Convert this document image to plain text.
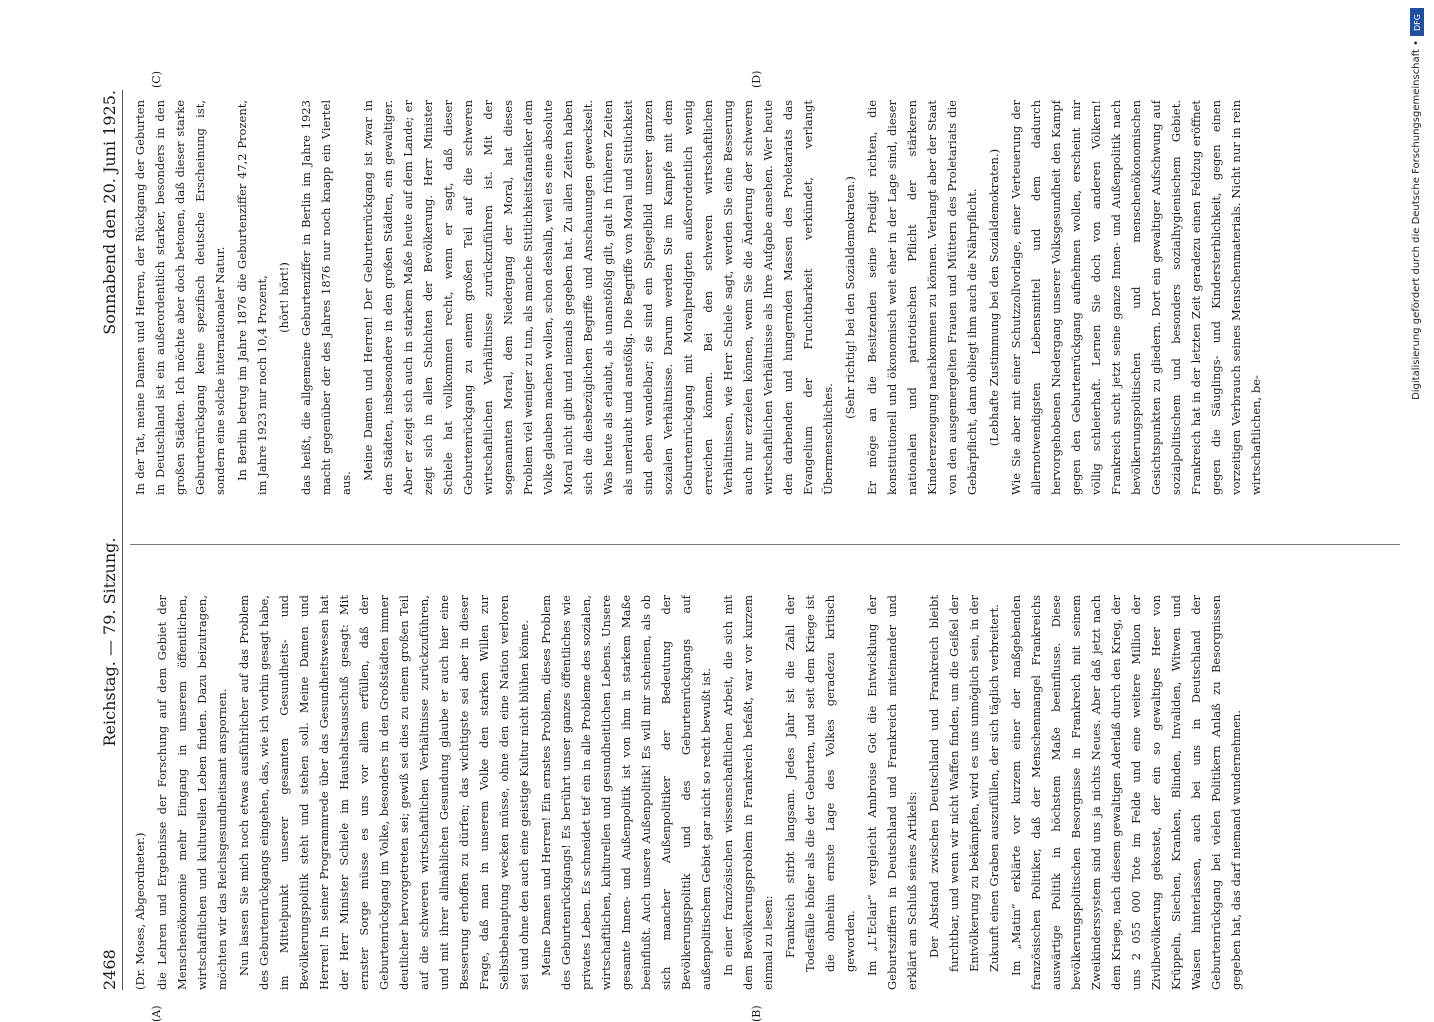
2468
Reichstag. — 79. Sitzung.
Sonnabend den 20. Juni 1925.
(A)	(B)
(C)	(D)

(Dr. Moses, Abgeordneter.) die Lehren und Ergebnisse der Forschung auf dem Gebiet der Menschenökonomie mehr Eingang in unserem öffentlichen, wirtschaftlichen und kulturellen Leben finden. Dazu beizutragen, möchten wir das Reichsgesundheitsamt anspornen. Nun lassen Sie mich noch etwas ausführlicher auf das Problem des Geburtenrückgangs eingehen, das, wie ich vorhin gesagt habe, im Mittelpunkt unserer gesamten Gesundheits- und Bevölkerungspolitik steht und stehen soll. Meine Damen und Herren! In seiner Programmrede über das Gesundheitswesen hat der Herr Minister Schiele im Haushaltsausschuß gesagt: Mit ernster Sorge müsse es uns vor allem erfüllen, daß der Geburtenrückgang im Volke, besonders in den Großstädten immer deutlicher hervorgetreten sei; gewiß sei dies zu einem großen Teil auf die schweren wirtschaftlichen Verhältnisse zurückzuführen, und mit ihrer allmählichen Gesundung glaube er auch hier eine Besserung erhoffen zu dürfen; das wichtigste sei aber in dieser Frage, daß man in unserem Volke den starken Willen zur Selbstbehauptung wecken müsse, ohne den eine Nation verloren sei und ohne den auch eine geistige Kultur nicht blühen könne. Meine Damen und Herren! Ein ernstes Problem, dieses Problem des Geburtenrückgangs! Es berührt unser ganzes öffentliches wie privates Leben. Es schneidet tief ein in alle Probleme des sozialen, wirtschaftlichen, kulturellen und gesundheitlichen Lebens. Unsere gesamte Innen- und Außenpolitik ist von ihm in starkem Maße beeinflußt. Auch unsere Außenpolitik! Es will mir scheinen, als ob sich mancher Außenpolitiker der Bedeutung der Bevölkerungspolitik und des Geburtenrückgangs auf außenpolitischem Gebiet gar nicht so recht bewußt ist. In einer französischen wissenschaftlichen Arbeit, die sich mit dem Bevölkerungsproblem in Frankreich befaßt, war vor kurzem einmal zu lesen: Frankreich stirbt langsam. Jedes Jahr ist die Zahl der Todesfälle höher als die der Geburten, und seit dem Kriege ist die ohnehin ernste Lage des Volkes geradezu kritisch geworden. Im „L'Eclair“ vergleicht Ambroise Got die Entwicklung der Geburtsziffern in Deutschland und Frankreich miteinander und erklärt am Schluß seines Artikels: Der Abstand zwischen Deutschland und Frankreich bleibt furchtbar, und wenn wir nicht Waffen finden, um die Geißel der Entvölkerung zu bekämpfen, wird es uns unmöglich sein, in der Zukunft einen Graben auszufüllen, der sich täglich verbreitert. Im „Matin“ erklärte vor kurzem einer der maßgebenden französischen Politiker, daß der Menschenmangel Frankreichs auswärtige Politik in höchstem Maße beeinflusse. Diese bevölkerungspolitischen Besorgnisse in Frankreich mit seinem Zweikinderssystem sind uns ja nichts Neues. Aber daß jetzt nach dem Kriege, nach diesem gewaltigen Aderlaß durch den Krieg, der uns 2 055 000 Tote im Felde und eine weitere Million der Zivilbevölkerung gekostet, der ein so gewaltiges Heer von Krüppeln, Siechen, Kranken, Blinden, Invaliden, Witwen und Waisen hinterlassen, auch bei uns in Deutschland der Geburtenrückgang bei vielen Politikern Anlaß zu Besorgnissen gegeben hat, das darf niemand wundernehmen.

In der Tat, meine Damen und Herren, der Rückgang der Geburten in Deutschland ist ein außerordentlich starker, besonders in den großen Städten. Ich möchte aber doch betonen, daß dieser starke Geburtenrückgang keine spezifisch deutsche Erscheinung ist, sondern eine solche internationaler Natur. In Berlin betrug im Jahre 1876 die Geburtenziffer 47,2 Prozent, im Jahre 1923 nur noch 10,4 Prozent, (hört! hört!) das heißt, die allgemeine Geburtenziffer in Berlin im Jahre 1923 macht gegenüber der des Jahres 1876 nur noch knapp ein Viertel aus.

Meine Damen und Herren! Der Geburtenrückgang ist zwar in den Städten, insbesondere in den großen Städten, ein gewaltiger. Aber er zeigt sich auch in starkem Maße heute auf dem Lande; er zeigt sich in allen Schichten der Bevölkerung. Herr Minister Schiele hat vollkommen recht, wenn er sagt, daß dieser Geburtenrückgang zu einem großen Teil auf die schweren wirtschaftlichen Verhältnisse zurückzuführen ist. Mit der sogenannten Moral, dem Niedergang der Moral, hat dieses Problem viel weniger zu tun, als manche Sittlichkeitsfanatiker dem Volke glauben machen wollen, schon deshalb, weil es eine absolute Moral nicht gibt und niemals gegeben hat. Zu allen Zeiten haben sich die diesbezüglichen Begriffe und Anschauungen geweckselt. Was heute als erlaubt, als unanstößig gilt, galt in früheren Zeiten als unerlaubt und anstößig. Die Begriffe von Moral und Sittlichkeit sind eben wandelbar; sie sind ein Spiegelbild unserer ganzen sozialen Verhältnisse. Darum werden Sie im Kampfe mit dem Geburtenrückgang mit Moralpredigten außerordentlich wenig erreichen können. Bei den schweren wirtschaftlichen Verhältnissen, wie Herr Schiele sagt, werden Sie eine Besserung auch nur erzielen können, wenn Sie die Änderung der schweren wirtschaftlichen Verhältnisse als Ihre Aufgabe ansehen. Wer heute den darbenden und hungernden Massen des Proletariats das Evangelium der Fruchtbarkeit verkündet, verlangt Übermenschliches.

(Sehr richtig! bei den Sozialdemokraten.) Er möge an die Besitzenden seine Predigt richten, die konstitutionell und ökonomisch weit eher in der Lage sind, dieser nationalen und patriotischen Pflicht der stärkeren Kindererzeugung nachkommen zu können. Verlangt aber der Staat von den ausgemergelten Frauen und Müttern des Proletariats die Gebärpflicht, dann obliegt ihm auch die Nährpflicht. (Lebhafte Zustimmung bei den Sozialdemokraten.) Wie Sie aber mit einer Schutzzollvorlage, einer Verteuerung der allernotwendigsten Lebensmittel und dem dadurch hervorgehobenen Niedergang unserer Volksgesundheit den Kampf gegen den Geburtenrückgang aufnehmen wollen, erscheint mir völlig schleierhaft. Lernen Sie doch von anderen Völkern! Frankreich sucht jetzt seine ganze Innen- und Außenpolitik nach bevölkerungspolitischen und menschenökonomischen Gesichtspunkten zu gliedern. Dort ein gewaltiger Aufschwung auf sozialpolitischem und besonders sozialhygienischem Gebiet. Frankreich hat in der letzten Zeit geradezu einen Feldzug eröffnet gegen die Säuglings- und Kindersterblichkeit, gegen einen vorzeitigen Verbrauch seines Menschenmaterials. Nicht nur in rein wirtschaftlichen, be-

DFG
Digitalisierung gefördert durch die Deutsche Forschungsgemeinschaft •
